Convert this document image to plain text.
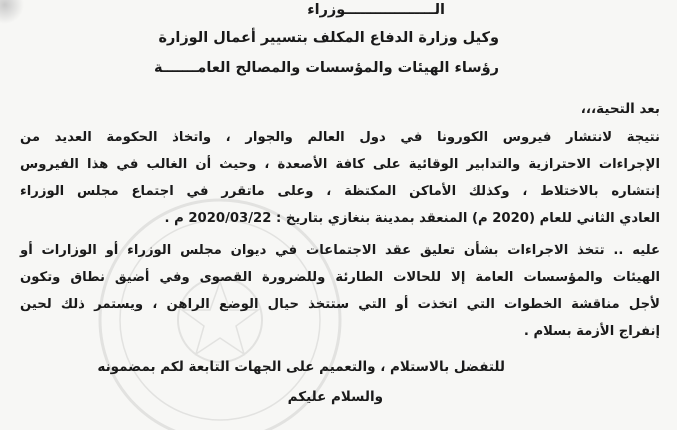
الــــــــــــــــــوزراء
وكيل وزارة الدفاع المكلف بتسيير أعمال الوزارة
رؤساء الهيئات والمؤسسات والمصالح العامـــــــة
بعد التحية،،،
نتيجة لانتشار فيروس الكورونا في دول العالم والجوار ، واتخاذ الحكومة العديد من
الإجراءات الاحترازية والتدابير الوقائية على كافة الأصعدة ، وحيث أن الغالب في هذا الفيروس
إنتشاره بالاختلاط ، وكذلك الأماكن المكتظة ، وعلى ماتقرر في اجتماع مجلس الوزراء
العادي الثاني للعام (2020 م) المنعقد بمدينة بنغازي بتاريخ : 2020/03/22 م .
عليه .. تتخذ الاجراءات بشأن تعليق عقد الاجتماعات في ديوان مجلس الوزراء أو الوزارات أو
الهيئات والمؤسسات العامة إلا للحالات الطارئة وللضرورة القصوى وفي أضيق نطاق وتكون
لأجل مناقشة الخطوات التي اتخذت أو التي ستتخذ حيال الوضع الراهن ، ويستمر ذلك لحين
إنفراج الأزمة بسلام .
للتفضل بالاستلام ، والتعميم على الجهات التابعة لكم بمضمونه
والسلام عليكم
